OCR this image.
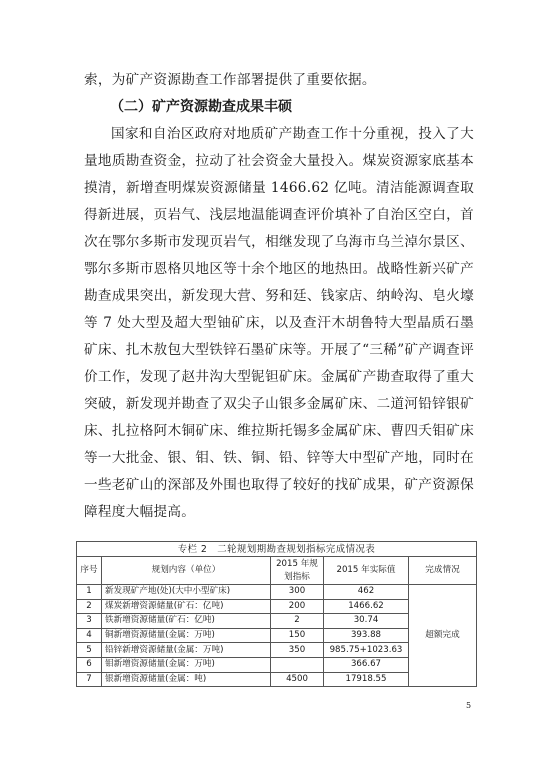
索，为矿产资源勘查工作部署提供了重要依据。

（二）矿产资源勘查成果丰硕

国家和自治区政府对地质矿产勘查工作十分重视，投入了大量地质勘查资金，拉动了社会资金大量投入。煤炭资源家底基本摸清，新增查明煤炭资源储量 1466.62 亿吨。清洁能源调查取得新进展，页岩气、浅层地温能调查评价填补了自治区空白，首次在鄂尔多斯市发现页岩气，相继发现了乌海市乌兰淖尔景区、鄂尔多斯市恩格贝地区等十余个地区的地热田。战略性新兴矿产勘查成果突出，新发现大营、努和廷、钱家店、纳岭沟、皂火壕等 7 处大型及超大型铀矿床，以及查汗木胡鲁特大型晶质石墨矿床、扎木敖包大型铁锌石墨矿床等。开展了“三稀”矿产调查评价工作，发现了赵井沟大型铌钽矿床。金属矿产勘查取得了重大突破，新发现并勘查了双尖子山银多金属矿床、二道河铅锌银矿床、扎拉格阿木铜矿床、维拉斯托锡多金属矿床、曹四夭钼矿床等一大批金、银、钼、铁、铜、铅、锌等大中型矿产地，同时在一些老矿山的深部及外围也取得了较好的找矿成果，矿产资源保障程度大幅提高。

专栏 2　二轮规划期勘查规划指标完成情况表				
序号	规划内容（单位）	2015 年规划指标	2015 年实际值	完成情况
1	新发现矿产地(处)(大中小型矿床)	300	462	超额完成
2	煤炭新增资源储量(矿石：亿吨)	200	1466.62	
3	铁新增资源储量(矿石：亿吨)	2	30.74	
4	铜新增资源储量(金属：万吨)	150	393.88	
5	铅锌新增资源储量(金属：万吨)	350	985.75+1023.63	
6	钼新增资源储量(金属：万吨)		366.67	
7	银新增资源储量(金属：吨)	4500	17918.55	
5
